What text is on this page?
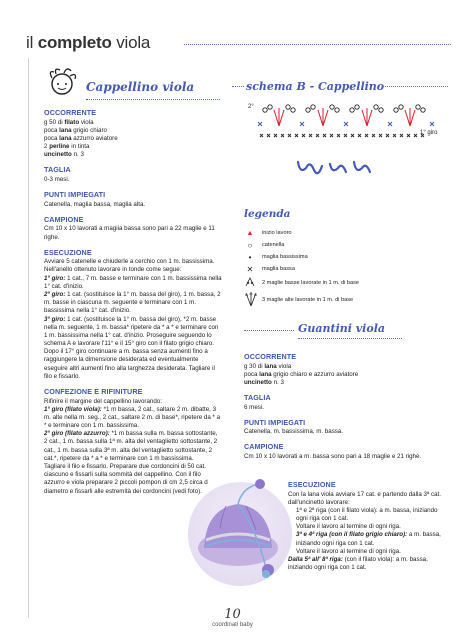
il completo viola
Cappellino viola
OCCORRENTE
g 50 di filato viola
poca lana grigio chiaro
poca lana azzurro aviatore
2 perline in tinta
uncinetto n. 3
TAGLIA
0-3 mesi.
PUNTI IMPIEGATI
Catenella, maglia bassa, maglia alta.
CAMPIONE
Cm 10 x 10 lavorati a magiia bassa sono pari a 22 maglie e 11 righe.
ESECUZIONE
Avviare 5 catenelle e chiuderle a cerchio con 1 m. bassissima. Nell'anello ottenuto lavorare in tonde come segue:
1° giro: 1 cat., 7 m. basse e terminare con 1 m. bassissima nella 1° cat. d'inizio.
2° giro: 1 cat. (sostituisce la 1° m. bassa del giro), 1 m. bassa, 2 m. basse in ciascuna m. seguente e terminare con 1 m. bassissima nella 1° cat. d'inizio.
3° giro: 1 cat. (sostituisce la 1° m. bassa del giro), *2 m. basse nella m. seguente, 1 m. bassa* ripetere da * a * e terminare con 1 m. bassissima nella 1° cat. d'inizio. Proseguire seguendo lo schema A e lavorare l'11° e il 15° giro con il filato grigio chiaro.
Dopo il 17° giro continuare a m. bassa senza aumenti fino a raggiungere la dimensione desiderata ed eventualmente eseguire altri aumenti fino alla larghezza desiderata. Tagliare il filo e fissarlo.
CONFEZIONE E RIFINITURE
Rifinire il margine del cappellino lavorando:
1° giro (filato viola): *1 m bassa, 2 cat., saltare 2 m. dibatte, 3 m. alte nella m. seg., 2 cat., saltare 2 m. di base*, ripetere da * a * e terminare con 1 m. bassissima.
2° giro (filato azzurro): *1 m bassa sulla m. bassa sottostante, 2 cat., 1 m. bassa sulla 1ª m. alta del ventaglietto sottostante, 2 cat., 1 m. bassa sulla 3ª m. alta del ventaglietto sottostante, 2 cat.*, ripetere da * a * e terminare con 1 m bassissima.
Tagliare il filo e fissarlo. Preparare due cordoncini di 50 cat. ciascuno e fissarli sulla sommità del cappellino. Con il filo azzurro e viola preparare 2 piccoli pompon di cm 2,5 circa d diametro e fissarli alle estremità dei cordoncini (vedi foto).
schema B - Cappellino
2°
1° giro
legenda
▲	inizio lavoro
○	catenella
•	maglia bassissima
✕	maglia bassa
2 maglie basse lavorate in 1 m. di base
3 maglie alte lavorate in 1 m. di base
Guantini viola
OCCORRENTE
g 30 di lana viola
poca lana grigio chiaro e azzurro aviatore
uncinetto n. 3
TAGLIA
6 mesi.
PUNTI IMPIEGATI
Catenella, m. bassissima, m. bassa.
CAMPIONE
Cm 10 x 10 lavorati a m. bassa sono pari a 18 maglie e 21 righe.
ESECUZIONE
Con la lana viola avviare 17 cat. e partendo dalla 3ª cat. dall'uncinetto lavorare:
1ª e 2ª riga (con il filato viola): a m. bassa, iniziando ogni riga con 1 cat.
Voltare il lavoro al termine di ogni riga.
3ª e 4ª riga (con il filato grigio chiaro): a m. bassa, iniziando ogni riga con 1 cat.
Voltare il lavoro al termine di ogni riga.
Dalla 5ª all' 8ª riga: (con il filato viola): a m. bassa, iniziando ogni riga con 1 cat.
10
coordinati baby
